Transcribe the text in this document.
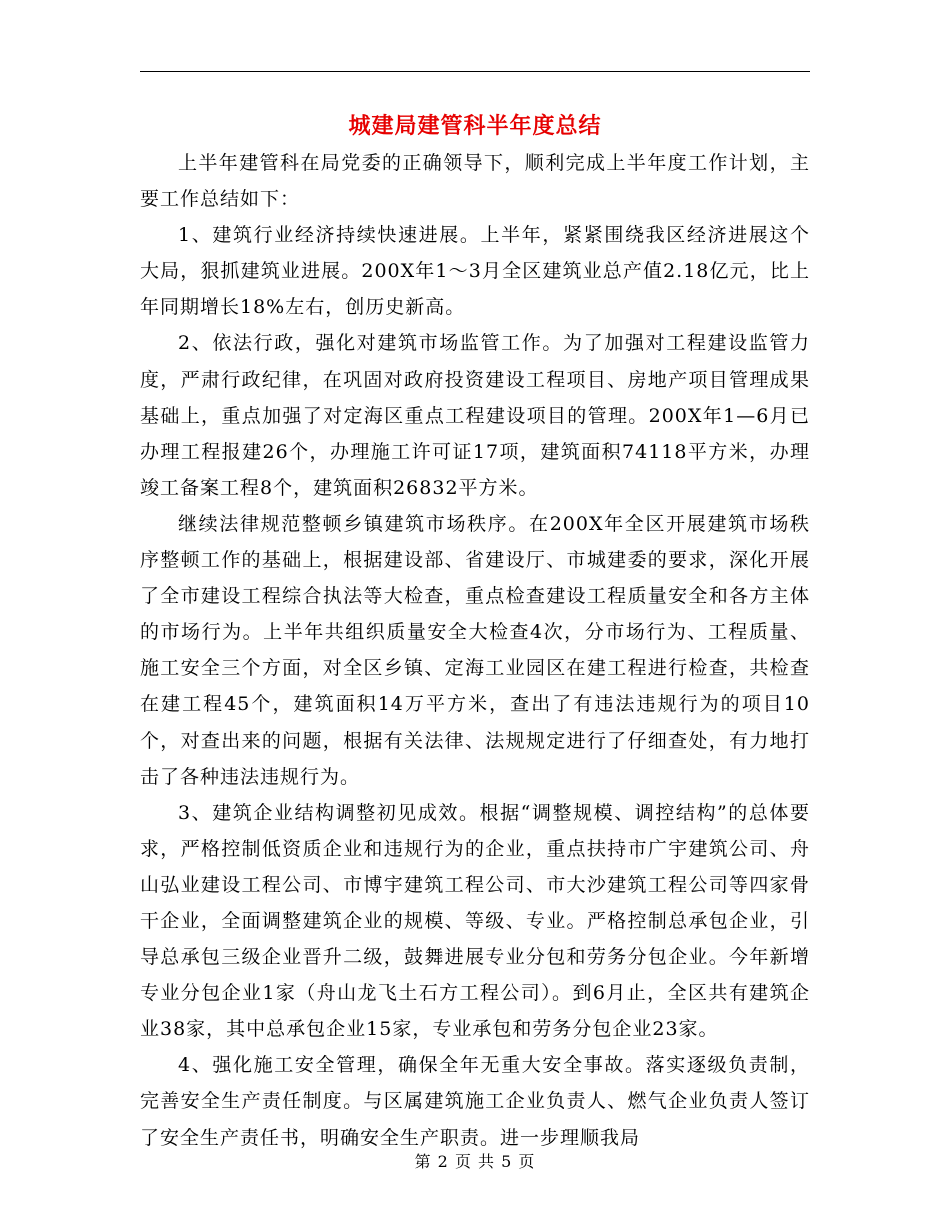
城建局建管科半年度总结

上半年建管科在局党委的正确领导下，顺利完成上半年度工作计划，主要工作总结如下：

1、建筑行业经济持续快速进展。上半年，紧紧围绕我区经济进展这个大局，狠抓建筑业进展。200X年1～3月全区建筑业总产值2.18亿元，比上年同期增长18%左右，创历史新高。

2、依法行政，强化对建筑市场监管工作。为了加强对工程建设监管力度，严肃行政纪律，在巩固对政府投资建设工程项目、房地产项目管理成果基础上，重点加强了对定海区重点工程建设项目的管理。200X年1—6月已办理工程报建26个，办理施工许可证17项，建筑面积74118平方米，办理竣工备案工程8个，建筑面积26832平方米。

继续法律规范整顿乡镇建筑市场秩序。在200X年全区开展建筑市场秩序整顿工作的基础上，根据建设部、省建设厅、市城建委的要求，深化开展了全市建设工程综合执法等大检查，重点检查建设工程质量安全和各方主体的市场行为。上半年共组织质量安全大检查4次，分市场行为、工程质量、施工安全三个方面，对全区乡镇、定海工业园区在建工程进行检查，共检查在建工程45个，建筑面积14万平方米，查出了有违法违规行为的项目10个，对查出来的问题，根据有关法律、法规规定进行了仔细查处，有力地打击了各种违法违规行为。

3、建筑企业结构调整初见成效。根据“调整规模、调控结构”的总体要求，严格控制低资质企业和违规行为的企业，重点扶持市广宇建筑公司、舟山弘业建设工程公司、市博宇建筑工程公司、市大沙建筑工程公司等四家骨干企业，全面调整建筑企业的规模、等级、专业。严格控制总承包企业，引导总承包三级企业晋升二级，鼓舞进展专业分包和劳务分包企业。今年新增专业分包企业1家（舟山龙飞土石方工程公司）。到6月止，全区共有建筑企业38家，其中总承包企业15家，专业承包和劳务分包企业23家。

4、强化施工安全管理，确保全年无重大安全事故。落实逐级负责制，完善安全生产责任制度。与区属建筑施工企业负责人、燃气企业负责人签订了安全生产责任书，明确安全生产职责。进一步理顺我局

第 2 页 共 5 页
